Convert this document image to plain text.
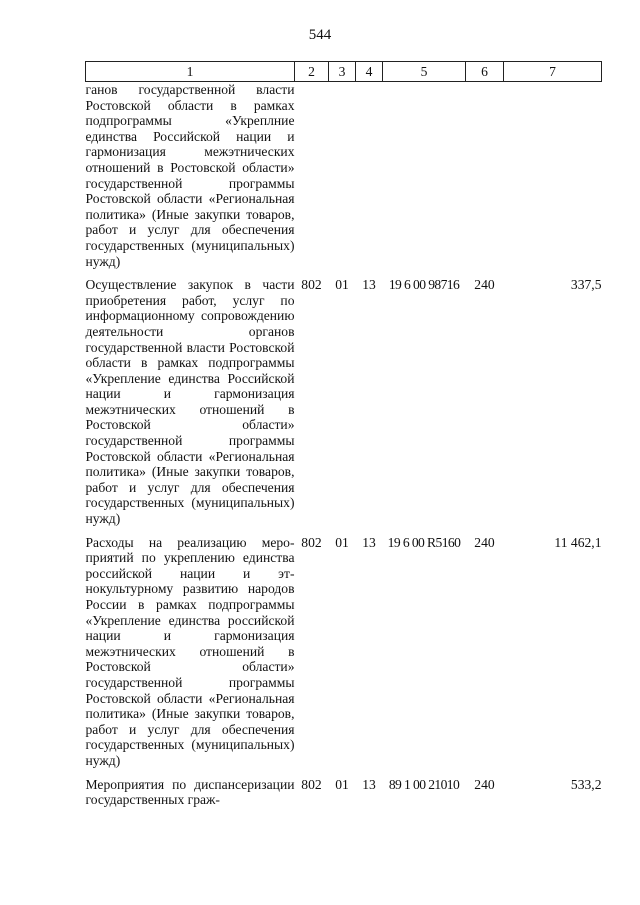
544
1	2	3	4	5	6	7
ганов государственной власти Ростовской области в рамках подпрограммы «Укреплние единства Российской нации и гармонизация межэтнических отношений в Ростовской области» государственной программы Ростовской области «Региональная политика» (Иные закупки товаров, работ и услуг для обеспечения государственных (муниципальных) нужд)						
Осуществление закупок в части приобретения работ, услуг по информационному сопровождению деятельности органов государственной власти Ростовской области в рамках подпрограммы «Укрепление единства Российской нации и гармонизация межэтнических отношений в Ростовской области» государственной программы Ростовской области «Региональная политика» (Иные закупки товаров, работ и услуг для обеспечения государственных (муниципальных) нужд)	802	01	13	19 6 00 98716	240	337,5
Расходы на реализацию мероприятий по укреплению единства российской нации и этнокультурному развитию народов России в рамках подпрограммы «Укрепление единства российской нации и гармонизация межэтнических отношений в Ростовской области» государственной программы Ростовской области «Региональная политика» (Иные закупки товаров, работ и услуг для обеспечения государственных (муниципальных) нужд)	802	01	13	19 6 00 R5160	240	11 462,1
Мероприятия по диспансеризации государственных граж-	802	01	13	89 1 00 21010	240	533,2
